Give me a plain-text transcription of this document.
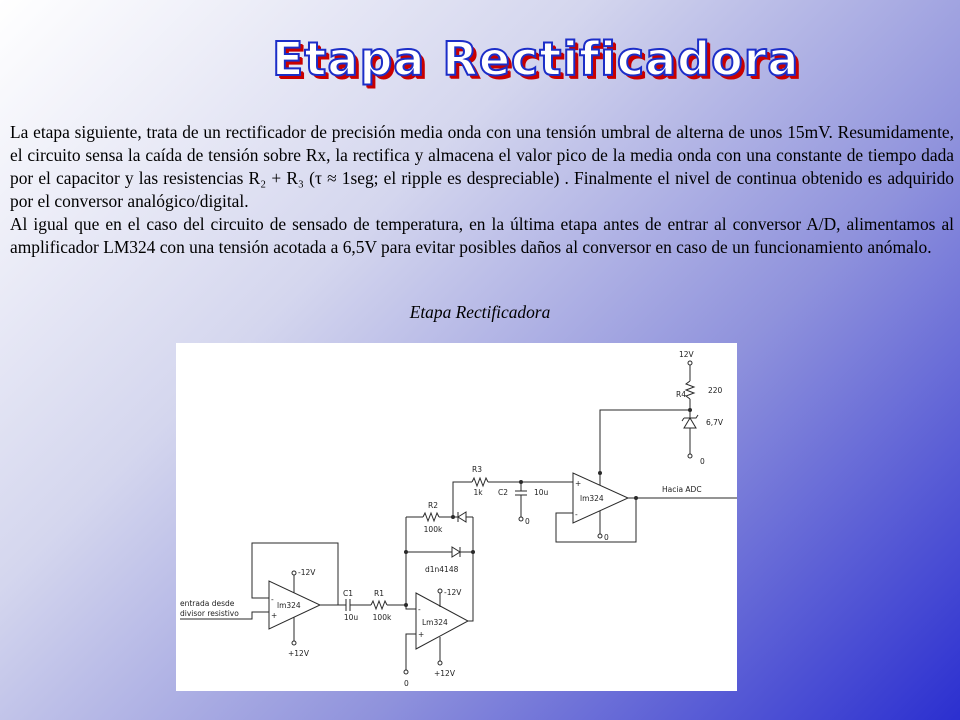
Etapa Rectificadora

La etapa siguiente, trata de un rectificador de precisión media onda con una tensión umbral de alterna de unos 15mV. Resumidamente, el circuito sensa la caída de tensión sobre Rx, la rectifica y almacena el valor pico de la media onda con una constante de tiempo dada por el capacitor y las resistencias R₂ + R₃ (τ ≈ 1seg; el ripple es despreciable) . Finalmente el nivel de continua obtenido es adquirido por el conversor analógico/digital.

Al igual que en el caso del circuito de sensado de temperatura, en la última etapa antes de entrar al conversor A/D, alimentamos al amplificador LM324 con una tensión acotada a 6,5V para evitar posibles daños al conversor en caso de un funcionamiento anómalo.

Etapa Rectificadora
entrada desde
divisor resistivo
lm324
-
+
-12V
+12V
C1
10u
R1
100k
Lm324
-
+
0
-12V
+12V
R2
100k
d1n4148
R3
1k
0
C2	10u
lm324
+
-
Hacia ADC
0
12V
R4	220
6,7V
0
